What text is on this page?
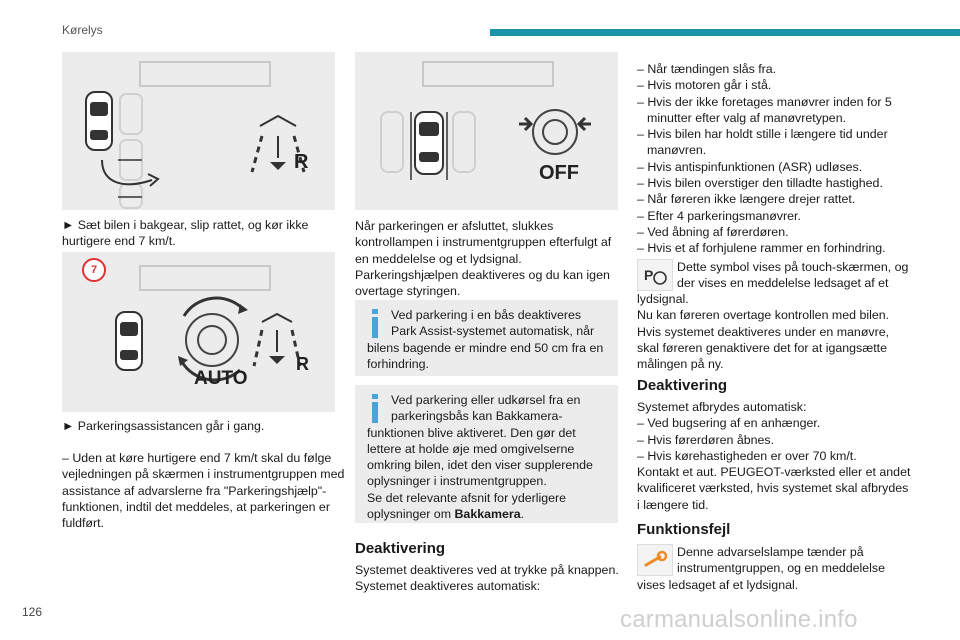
Kørelys
R
► Sæt bilen i bakgear, slip rattet, og kør ikke hurtigere end 7 km/t.
R
AUTO
7
► Parkeringsassistancen går i gang.
– Uden at køre hurtigere end 7 km/t skal du følge vejledningen på skærmen i instrumentgruppen med assistance af advarslerne fra "Parkeringshjælp"-funktionen, indtil det meddeles, at parkeringen er fuldført.
OFF
Når parkeringen er afsluttet, slukkes kontrollampen i instrumentgruppen efterfulgt af en meddelelse og et lydsignal. Parkeringshjælpen deaktiveres og du kan igen overtage styringen.

Ved parkering i en bås deaktiveres Park Assist-systemet automatisk, når bilens bagende er mindre end 50 cm fra en forhindring.

Ved parkering eller udkørsel fra en parkeringsbås kan Bakkamera-funktionen blive aktiveret. Den gør det lettere at holde øje med omgivelserne omkring bilen, idet den viser supplerende oplysninger i instrumentgruppen.
Se det relevante afsnit for yderligere oplysninger om Bakkamera.

Deaktivering
Systemet deaktiveres ved at trykke på knappen. Systemet deaktiveres automatisk:
– Når tændingen slås fra.
– Hvis motoren går i stå.
– Hvis der ikke foretages manøvrer inden for 5 minutter efter valg af manøvretypen.
– Hvis bilen har holdt stille i længere tid under manøvren.
– Hvis antispinfunktionen (ASR) udløses.
– Hvis bilen overstiger den tilladte hastighed.
– Når føreren ikke længere drejer rattet.
– Efter 4 parkeringsmanøvrer.
– Ved åbning af førerdøren.
– Hvis et af forhjulene rammer en forhindring.
P Dette symbol vises på touch-skærmen, og der vises en meddelelse ledsaget af et lydsignal.
Nu kan føreren overtage kontrollen med bilen.
Hvis systemet deaktiveres under en manøvre, skal føreren genaktivere det for at igangsætte målingen på ny.
Deaktivering
Systemet afbrydes automatisk:
– Ved bugsering af en anhænger.
– Hvis førerdøren åbnes.
– Hvis kørehastigheden er over 70 km/t.
Kontakt et aut. PEUGEOT-værksted eller et andet kvalificeret værksted, hvis systemet skal afbrydes i længere tid.
Funktionsfejl
Denne advarselslampe tænder på instrumentgruppen, og en meddelelse vises ledsaget af et lydsignal.
126	carmanualsonline.info
